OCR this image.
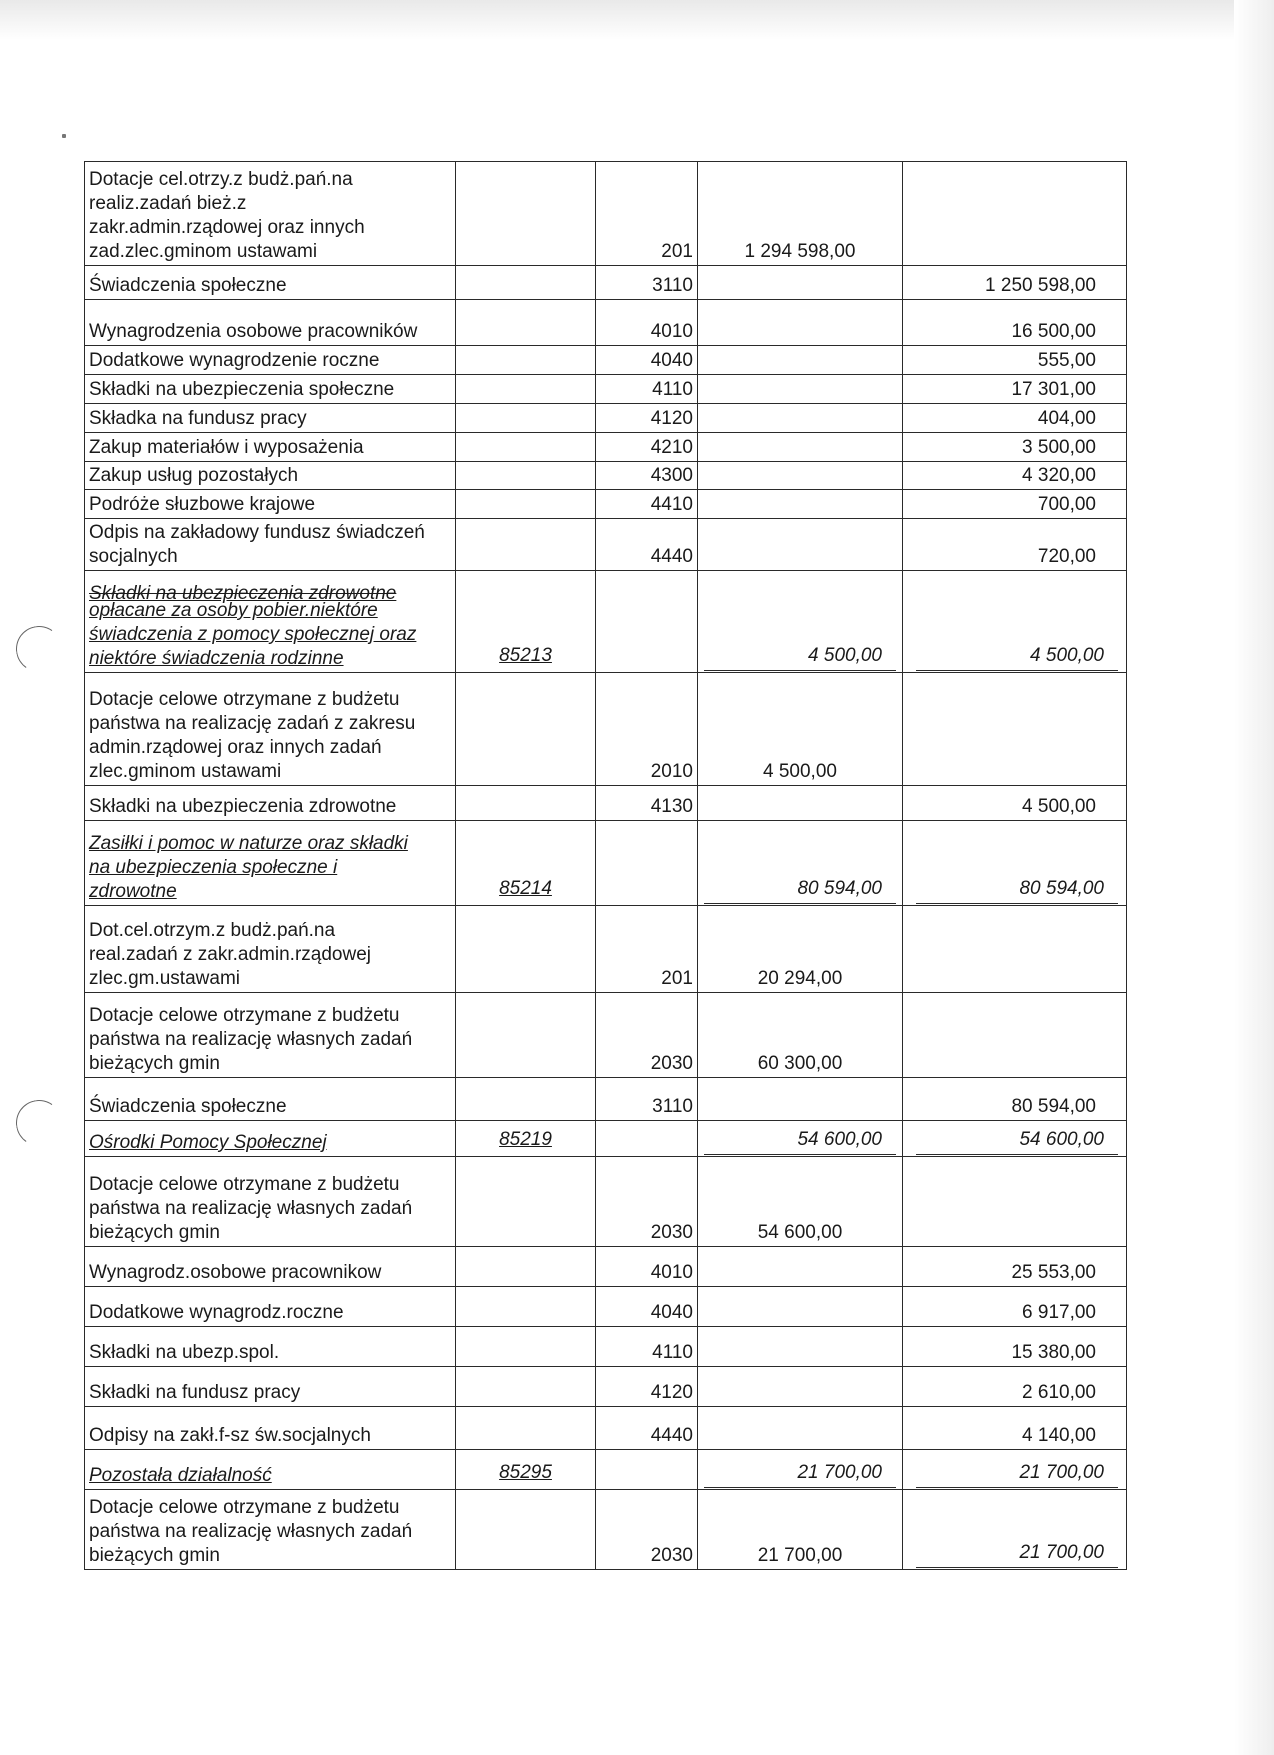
Dotacje cel.otrzy.z budż.pań.na
realiz.zadań bież.z
zakr.admin.rządowej oraz innych
zad.zlec.gminom ustawami		201	1 294 598,00	
Świadczenia społeczne		3110		1 250 598,00
Wynagrodzenia osobowe pracowników		4010		16 500,00
Dodatkowe wynagrodzenie roczne		4040		555,00
Składki na ubezpieczenia społeczne		4110		17 301,00
Składka na fundusz pracy		4120		404,00
Zakup materiałów i wyposażenia		4210		3 500,00
Zakup usług pozostałych		4300		4 320,00
Podróże słuzbowe krajowe		4410		700,00
Odpis na zakładowy fundusz świadczeń
socjalnych		4440		720,00

Składki na ubezpieczenia zdrowotne
opłacane za osoby pobier.niektóre
świadczenia z pomocy społecznej oraz
niektóre świadczenia rodzinne	85213		4 500,00	4 500,00
Dotacje celowe otrzymane z budżetu
państwa na realizację zadań z zakresu
admin.rządowej oraz innych zadań
zlec.gminom ustawami		2010	4 500,00	
Składki na ubezpieczenia zdrowotne		4130		4 500,00
Zasiłki i pomoc w naturze oraz składki
na ubezpieczenia społeczne i
zdrowotne	85214		80 594,00	80 594,00
Dot.cel.otrzym.z budż.pań.na
real.zadań z zakr.admin.rządowej
zlec.gm.ustawami		201	20 294,00	
Dotacje celowe otrzymane z budżetu
państwa na realizację własnych zadań
bieżących gmin		2030	60 300,00	
Świadczenia społeczne		3110		80 594,00
Ośrodki Pomocy Społecznej	85219		54 600,00	54 600,00
Dotacje celowe otrzymane z budżetu
państwa na realizację własnych zadań
bieżących gmin		2030	54 600,00	
Wynagrodz.osobowe pracownikow		4010		25 553,00
Dodatkowe wynagrodz.roczne		4040		6 917,00
Składki na ubezp.spol.		4110		15 380,00
Składki na fundusz pracy		4120		2 610,00
Odpisy na zakł.f-sz św.socjalnych		4440		4 140,00
Pozostała działalność	85295		21 700,00	21 700,00
Dotacje celowe otrzymane z budżetu
państwa na realizację własnych zadań
bieżących gmin		2030	21 700,00	21 700,00
